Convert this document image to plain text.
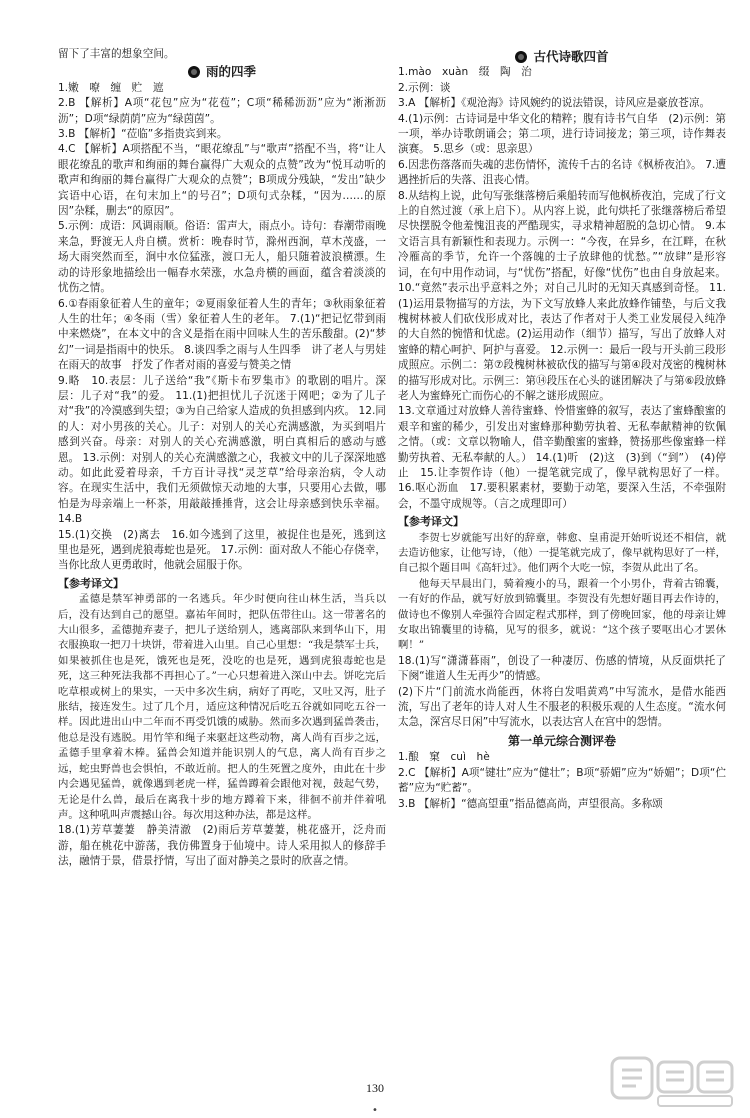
留下了丰富的想象空间。

雨的四季

1.嫩　嘹　缠　贮　遮

2.B 【解析】A项“花包”应为“花苞”；C项“稀稀沥沥”应为“淅淅沥沥”；D项“绿荫荫”应为“绿茵茵”。

3.B 【解析】“莅临”多指贵宾到来。

4.C 【解析】A项搭配不当，“眼花缭乱”与“歌声”搭配不当，将“让人眼花缭乱的歌声和绚丽的舞台赢得广大观众的点赞”改为“悦耳动听的歌声和绚丽的舞台赢得广大观众的点赞”；B项成分残缺，“发出”缺少宾语中心语，在句末加上“的号召”；D项句式杂糅，“因为……的原因”杂糅，删去“的原因”。

5.示例：成语：风调雨顺。俗语：雷声大，雨点小。诗句：春潮带雨晚来急，野渡无人舟自横。赏析：晚春时节，滁州西涧，草木茂盛，一场大雨突然而至，涧中水位猛涨，渡口无人，船只随着波浪横漂。生动的诗形象地描绘出一幅春水荣涨，水急舟横的画面，蕴含着淡淡的忧伤之情。

6.①春雨象征着人生的童年；②夏雨象征着人生的青年；③秋雨象征着人生的壮年；④冬雨（雪）象征着人生的老年。 7.(1)“把记忆带到雨中来燃烧”，在本文中的含义是指在雨中回味人生的苦乐酸甜。(2)“梦幻”一词是指雨中的快乐。 8.谈四季之雨与人生四季　讲了老人与男娃在雨天的故事　抒发了作者对雨的喜爱与赞美之情

9.略　10.表层：儿子送给“我”《斯卡布罗集市》的歌剧的唱片。深层：儿子对“我”的爱。 11.(1)把担忧儿子沉迷于网吧；②为了儿子对“我”的冷漠感到失望；③为自己给家人造成的负担感到内疚。 12.同的人：对小男孩的关心。儿子：对别人的关心充满感激，为买到唱片感到兴奋。母亲：对别人的关心充满感激，明白真相后的感动与感恩。 13.示例：对别人的关心充满感激之心，我被文中的儿子深深地感动。如此此爱着母亲，千方百计寻找“灵芝草”给母亲治病，令人动容。在现实生活中，我们无须做惊天动地的大事，只要用心去做，哪怕是为母亲端上一杯茶，用敲敲捶捶背，这会让母亲感到快乐幸福。 14.B

15.(1)交换　(2)离去　16.如今逃到了这里，被捉住也是死，逃到这里也是死，遇到虎狼毒蛇也是死。 17.示例：面对敌人不能心存侥幸，当你比敌人更勇敢时，他就会屈服于你。

【参考译文】

孟德是禁军神勇部的一名逃兵。年少时便向往山林生活，当兵以后，没有达到自己的愿望。嘉祐年间时，把队伍带往山。这一带著名的大山很多，孟德抛弃妻子，把儿子送给别人，逃离部队来到华山下，用衣服换取一把刀十块饼，带着进入山里。自己心里想：“我是禁军士兵，如果被抓住也是死，饿死也是死，没吃的也是死，遇到虎狼毒蛇也是死，这三种死法我都不再担心了。”一心只想着进入深山中去。饼吃完后吃草根或树上的果实，一天中多次生病，病好了再吃，又吐又泻，肚子胀结，接连发生。过了几个月，适应这种情况后吃五谷就如同吃五谷一样。因此进出山中二年而不再受饥饿的威胁。然而多次遇到猛兽袭击，他总是没有逃脱。用竹竿和绳子来驱赶这些动物，离人尚有百步之远，孟德手里拿着木棒。猛兽会知道并能识别人的气息，离人尚有百步之远，蛇虫野兽也会惧怕，不敢近前。把人的生死置之度外，由此在十步内会遇见猛兽，就像遇到老虎一样，猛兽蹲着会跟他对视，鼓起气势，无论是什么兽，最后在离我十步的地方蹲着下来，徘徊不前并伴着吼声。这种吼叫声震撼山谷。每次用这种办法，都是这样。

18.(1)芳草萋萋　静美清澈　(2)雨后芳草萋萋，桃花盛开，泛舟而游，船在桃花中游荡，我仿佛置身于仙境中。诗人采用拟人的修辞手法，融情于景，借景抒情，写出了面对静美之景时的欣喜之情。

古代诗歌四首

1.mào　xuàn　缀　陶　治

2.示例：谈

3.A 【解析】《观沧海》诗风婉约的说法错误，诗风应是豪放苍凉。

4.(1)示例：古诗词是中华文化的精粹；腹有诗书气自华　(2)示例：第一项，举办诗歌朗诵会；第二项，进行诗词接龙；第三项，诗作舞表演赛。 5.思乡（或：思亲思）

6.因悲伤落落而失魂的悲伤情怀，流传千古的名诗《枫桥夜泊》。 7.遭遇挫折后的失落、沮丧心情。

8.从结构上说，此句写张继落榜后乘船转而写他枫桥夜泊，完成了行文上的自然过渡（承上启下）。从内容上说，此句烘托了张继落榜后希望尽快摆脱令他羞愧沮丧的严酷现实，寻求精神超脱的急切心情。 9.本文语言具有新颖性和表现力。示例一：“今夜，在异乡，在江畔，在秋冷雁高的季节，允许一个落魄的士子放肆他的忧愁。”“放肆”是形容词，在句中用作动词，与“忧伤”搭配，好像“忧伤”也由自身放起来。 10.“竟然”表示出乎意料之外；对自己儿时的无知天真感到奇怪。 11.(1)运用景物描写的方法，为下文写放蜂人来此放蜂作铺垫，与后文我槐树林被人们砍伐形成对比，表达了作者对于人类工业发展侵入纯净的大自然的惋惜和忧虑。(2)运用动作（细节）描写，写出了放蜂人对蜜蜂的精心呵护、阿护与喜爱。 12.示例一：最后一段与开头前三段形成照应。示例二：第⑦段槐树林被砍伐的描写与第④段对茂密的槐树林的描写形成对比。示例三：第⑭段压在心头的谜团解决了与第⑥段放蜂老人为蜜蜂死亡而伤心的不解之谜形成照应。

13.文章通过对放蜂人善待蜜蜂、怜惜蜜蜂的叙写，表达了蜜蜂酿蜜的艰辛和蜜的稀少，引发出对蜜蜂那种勤劳执着、无私奉献精神的钦佩之情。（或：文章以物喻人，借辛勤酿蜜的蜜蜂，赞扬那些像蜜蜂一样勤劳执着、无私奉献的人。） 14.(1)听　(2)这　(3)到（“到”）　(4)停止　15.让李贺作诗（他）一提笔就完成了，像早就构思好了一样。 16.呕心沥血　17.要积累素材，要勤于动笔，要深入生活，不牵强附会，不墨守成规等。（言之成理即可）

【参考译文】

李贺七岁就能写出好的辞章，韩愈、皇甫湜开始听说还不相信，就去造访他家，让他写诗，（他）一提笔就完成了，像早就构思好了一样，自己拟个题目叫《高轩过》。他们两个大吃一惊，李贺从此出了名。

他每天早晨出门，骑着瘦小的马，跟着一个小男仆，背着古锦囊，一有好的作品，就写好放到锦囊里。李贺没有先想好题目再去作诗的，做诗也不像别人牵强符合固定程式那样，到了傍晚回家，他的母亲让婢女取出锦囊里的诗稿，见写的很多，就说：“这个孩子要呕出心才罢休啊！”

18.(1)写“潇潇暮雨”，创设了一种凄厉、伤感的情境，从反面烘托了下阕“谁道人生无再少”的情感。

(2)下片“门前流水尚能西，休将白发唱黄鸡”中写流水，是借水能西流，写出了老年的诗人对人生不服老的积极乐观的人生态度。“流水何太急，深宫尽日闲”中写流水，以表达宫人在宫中的怨情。

第一单元综合测评卷

1.酿　窠　cuì　hè

2.C 【解析】A项“键壮”应为“健壮”；B项“骄媚”应为“娇媚”；D项“伫蓄”应为“贮蓄”。

3.B 【解析】“德高望重”指品德高尚，声望很高。多称颂

130
•
